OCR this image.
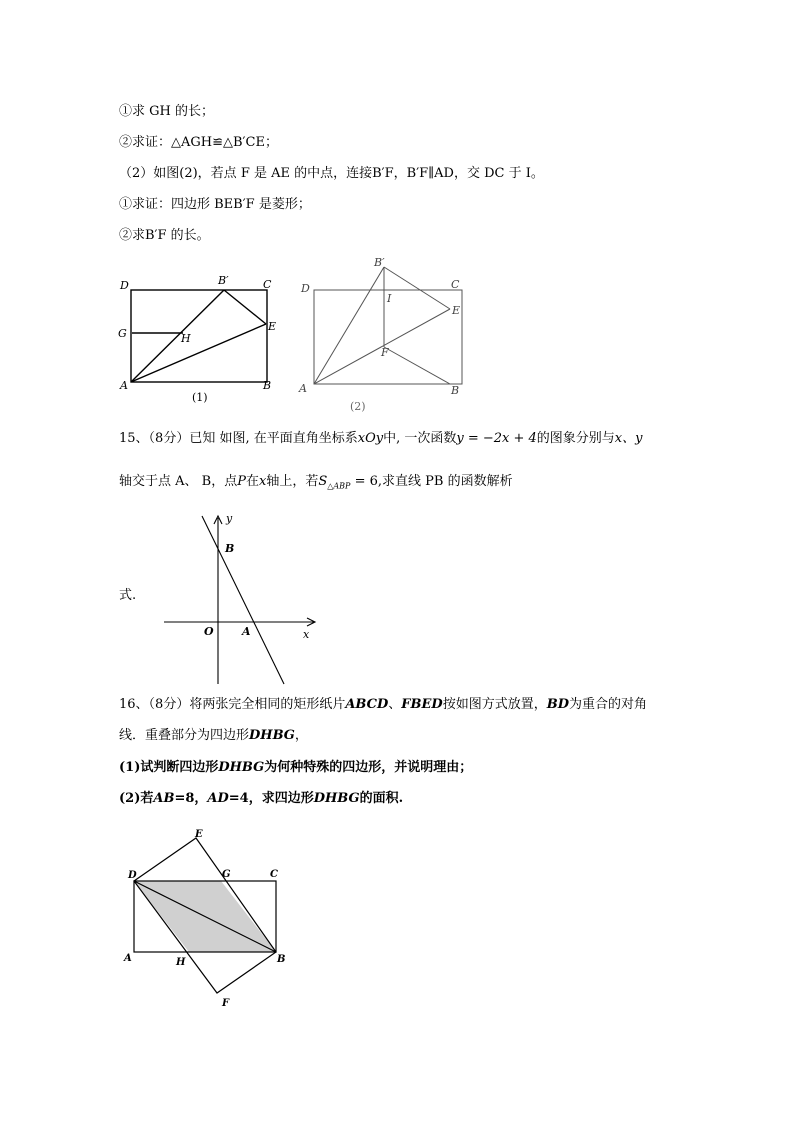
①求 GH 的长；
②求证：△AGH≌△B′CE；
（2）如图(2)，若点 F 是 AE 的中点，连接B′F，B′F∥AD，交 DC 于 I。
①求证：四边形 BEB′F 是菱形；
②求B′F 的长。
D	B′	C
G	H
E
A	B
(1)
D
B′
C
I
E
F
A	B
(2)
15、（8分）已知 如图, 在平面直角坐标系xOy中, 一次函数y = −2x + 4的图象分别与x、y
轴交于点 A、 B，点P在x轴上，若$S_{\triangle ABP} = 6$,求直线 PB 的函数解析
式.
y
x
B
O	A
16、（8分）将两张完全相同的矩形纸片ABCD、FBED按如图方式放置，BD为重合的对角
线．重叠部分为四边形DHBG，
(1)试判断四边形DHBG为何种特殊的四边形，并说明理由；
(2)若AB=8，AD=4，求四边形DHBG的面积.
E
D	G	C
A	H	B
F
